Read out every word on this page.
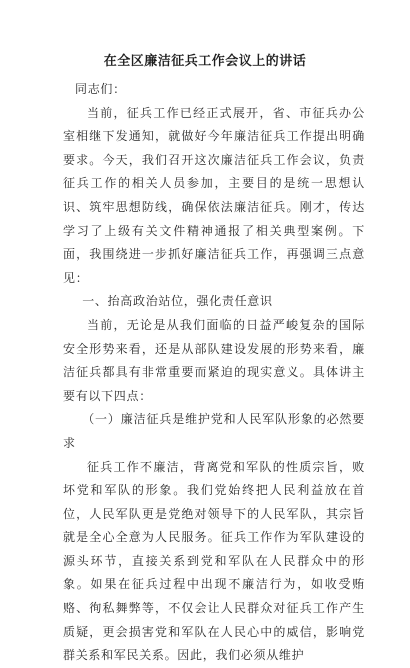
在全区廉洁征兵工作会议上的讲话

同志们：

当前，征兵工作已经正式展开，省、市征兵办公室相继下发通知，就做好今年廉洁征兵工作提出明确要求。今天，我们召开这次廉洁征兵工作会议，负责征兵工作的相关人员参加，主要目的是统一思想认识、筑牢思想防线，确保依法廉洁征兵。刚才，传达学习了上级有关文件精神通报了相关典型案例。下面，我围绕进一步抓好廉洁征兵工作，再强调三点意见：

一、抬高政治站位，强化责任意识

当前，无论是从我们面临的日益严峻复杂的国际安全形势来看，还是从部队建设发展的形势来看，廉洁征兵都具有非常重要而紧迫的现实意义。具体讲主要有以下四点：

（一）廉洁征兵是维护党和人民军队形象的必然要求

征兵工作不廉洁，背离党和军队的性质宗旨，败坏党和军队的形象。我们党始终把人民利益放在首位，人民军队更是党绝对领导下的人民军队，其宗旨就是全心全意为人民服务。征兵工作作为军队建设的源头环节，直接关系到党和军队在人民群众中的形象。如果在征兵过程中出现不廉洁行为，如收受贿赂、徇私舞弊等，不仅会让人民群众对征兵工作产生质疑，更会损害党和军队在人民心中的威信，影响党群关系和军民关系。因此，我们必须从维护
